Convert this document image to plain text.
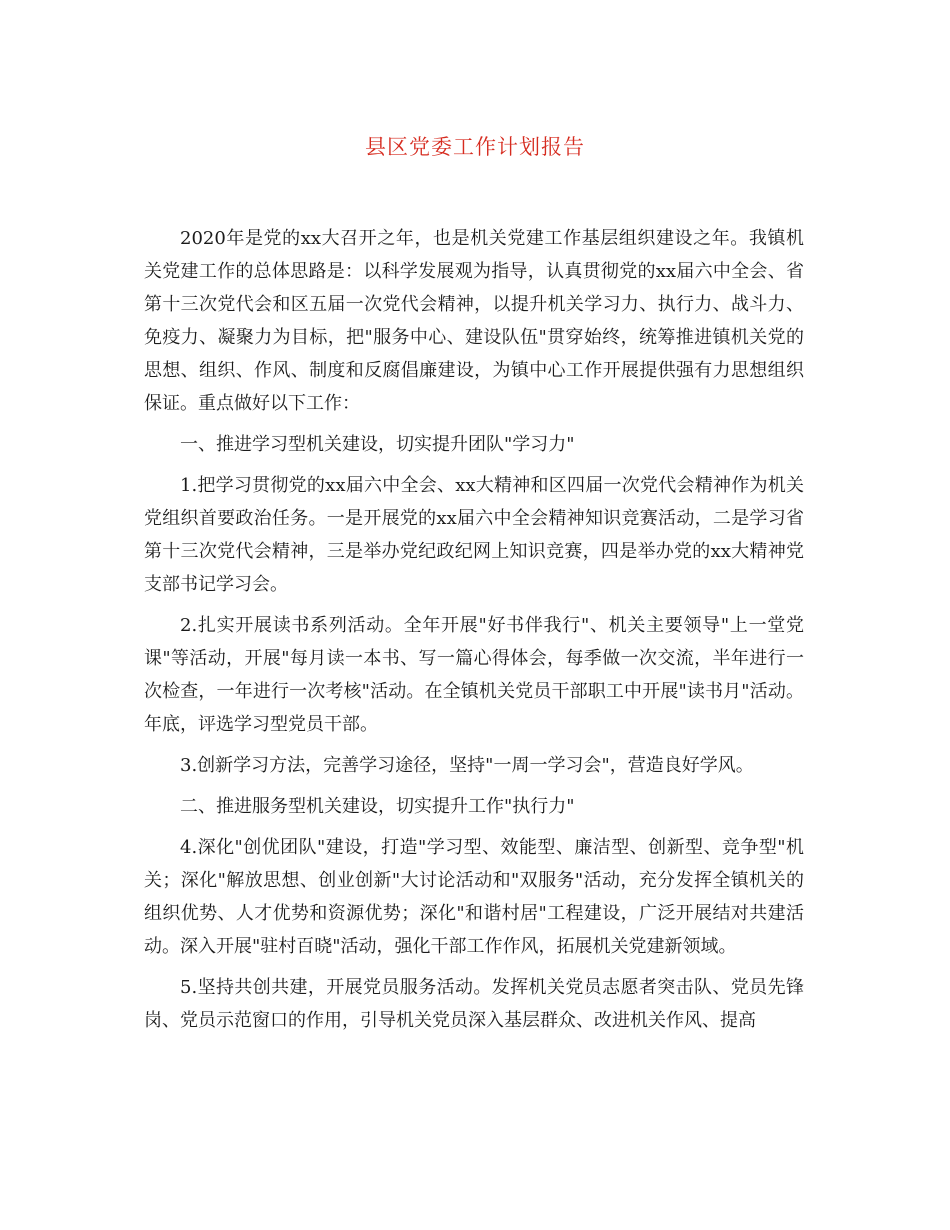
县区党委工作计划报告

2020年是党的xx大召开之年，也是机关党建工作基层组织建设之年。我镇机关党建工作的总体思路是：以科学发展观为指导，认真贯彻党的xx届六中全会、省第十三次党代会和区五届一次党代会精神，以提升机关学习力、执行力、战斗力、免疫力、凝聚力为目标，把"服务中心、建设队伍"贯穿始终，统筹推进镇机关党的思想、组织、作风、制度和反腐倡廉建设，为镇中心工作开展提供强有力思想组织保证。重点做好以下工作：

一、推进学习型机关建设，切实提升团队"学习力"

1.把学习贯彻党的xx届六中全会、xx大精神和区四届一次党代会精神作为机关党组织首要政治任务。一是开展党的xx届六中全会精神知识竞赛活动，二是学习省第十三次党代会精神，三是举办党纪政纪网上知识竞赛，四是举办党的xx大精神党支部书记学习会。

2.扎实开展读书系列活动。全年开展"好书伴我行"、机关主要领导"上一堂党课"等活动，开展"每月读一本书、写一篇心得体会，每季做一次交流，半年进行一次检查，一年进行一次考核"活动。在全镇机关党员干部职工中开展"读书月"活动。年底，评选学习型党员干部。

3.创新学习方法，完善学习途径，坚持"一周一学习会"，营造良好学风。

二、推进服务型机关建设，切实提升工作"执行力"

4.深化"创优团队"建设，打造"学习型、效能型、廉洁型、创新型、竞争型"机关；深化"解放思想、创业创新"大讨论活动和"双服务"活动，充分发挥全镇机关的组织优势、人才优势和资源优势；深化"和谐村居"工程建设，广泛开展结对共建活动。深入开展"驻村百晓"活动，强化干部工作作风，拓展机关党建新领域。

5.坚持共创共建，开展党员服务活动。发挥机关党员志愿者突击队、党员先锋岗、党员示范窗口的作用，引导机关党员深入基层群众、改进机关作风、提高
